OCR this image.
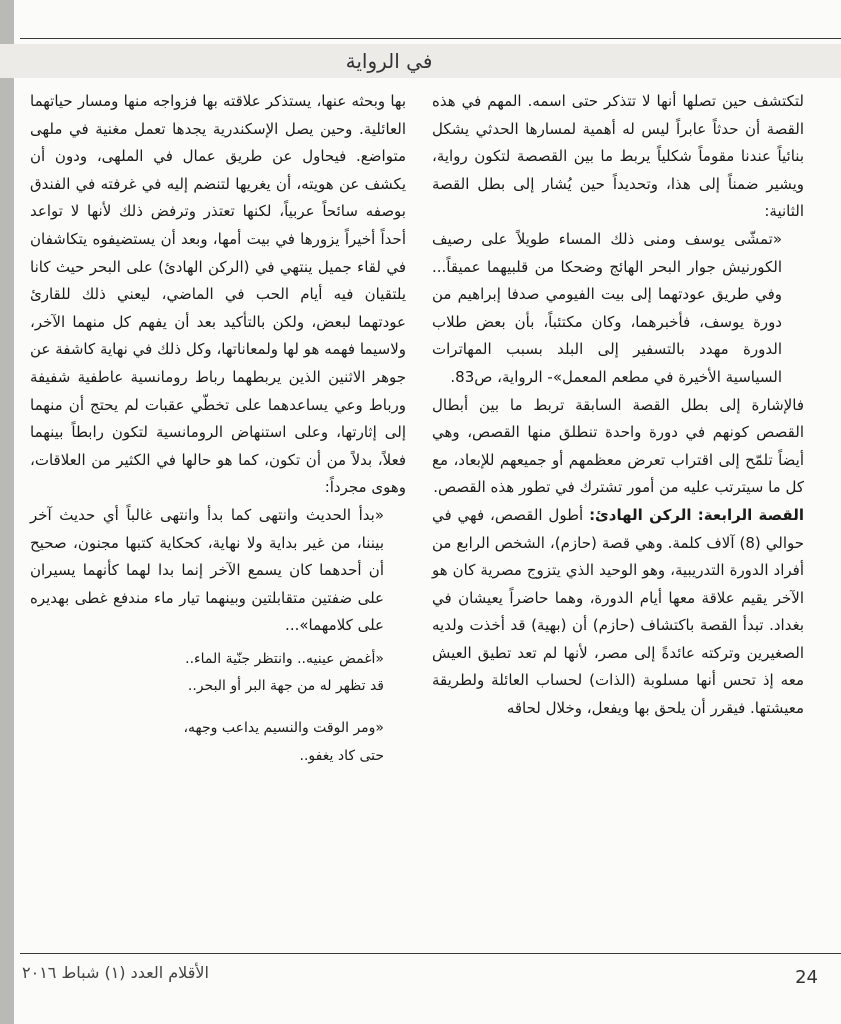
في الرواية

لتكتشف حين تصلها أنها لا تتذكر حتى اسمه. المهم في هذه القصة أن حدثاً عابراً ليس له أهمية لمسارها الحدثي يشكل بنائياً عندنا مقوماً شكلياً يربط ما بين القصصة لتكون رواية، ويشير ضمناً إلى هذا، وتحديداً حين يُشار إلى بطل القصة الثانية:

«تمشّى يوسف ومنى ذلك المساء طويلاً على رصيف الكورنيش جوار البحر الهائج وضحكا من قلبيهما عميقاً... وفي طريق عودتهما إلى بيت الفيومي صدفا إبراهيم من دورة يوسف، فأخبرهما، وكان مكتئباً، بأن بعض طلاب الدورة مهدد بالتسفير إلى البلد بسبب المهاترات السياسية الأخيرة في مطعم المعمل»- الرواية، ص83.

فالإشارة إلى بطل القصة السابقة تربط ما بين أبطال القصص كونهم في دورة واحدة تنطلق منها القصص، وهي أيضاً تلمّح إلى اقتراب تعرض معظمهم أو جميعهم للإبعاد، مع كل ما سيترتب عليه من أمور تشترك في تطور هذه القصص.

القصة الرابعة: الركن الهادئ: أطول القصص، فهي في حوالي (8) آلاف كلمة. وهي قصة (حازم)، الشخص الرابع من أفراد الدورة التدريبية، وهو الوحيد الذي يتزوج مصرية كان هو الآخر يقيم علاقة معها أيام الدورة، وهما حاضراً يعيشان في بغداد. تبدأ القصة باكتشاف (حازم) أن (بهية) قد أخذت ولديه الصغيرين وتركته عائدةً إلى مصر، لأنها لم تعد تطيق العيش معه إذ تحس أنها مسلوبة (الذات) لحساب العائلة ولطريقة معيشتها. فيقرر أن يلحق بها ويفعل، وخلال لحاقه

بها وبحثه عنها، يستذكر علاقته بها فزواجه منها ومسار حياتهما العائلية. وحين يصل الإسكندرية يجدها تعمل مغنية في ملهى متواضع. فيحاول عن طريق عمال في الملهى، ودون أن يكشف عن هويته، أن يغريها لتنضم إليه في غرفته في الفندق بوصفه سائحاً عربياً، لكنها تعتذر وترفض ذلك لأنها لا تواعد أحداً أخيراً يزورها في بيت أمها، وبعد أن يستضيفوه يتكاشفان في لقاء جميل ينتهي في (الركن الهادئ) على البحر حيث كانا يلتقيان فيه أيام الحب في الماضي، ليعني ذلك للقارئ عودتهما لبعض، ولكن بالتأكيد بعد أن يفهم كل منهما الآخر، ولاسيما فهمه هو لها ولمعاناتها، وكل ذلك في نهاية كاشفة عن جوهر الاثنين الذين يربطهما رباط رومانسية عاطفية شفيفة ورباط وعي يساعدهما على تخطّي عقبات لم يحتج أن منهما إلى إثارتها، وعلى استنهاض الرومانسية لتكون رابطاً بينهما فعلاً، بدلاً من أن تكون، كما هو حالها في الكثير من العلاقات، وهوى مجرداً:

«بدأ الحديث وانتهى كما بدأ وانتهى غالباً أي حديث آخر بيننا، من غير بداية ولا نهاية، كحكاية كتبها مجنون، صحيح أن أحدهما كان يسمع الآخر إنما بدا لهما كأنهما يسيران على ضفتين متقابلتين وبينهما تيار ماء مندفع غطى بهديره على كلامهما»...

«أغمض عينيه.. وانتظر جنّية الماء..

قد تظهر له من جهة البر أو البحر..

«ومر الوقت والنسيم يداعب وجهه،

حتى كاد يغفو..

الأقلام العدد (١) شباط ٢٠١٦	24
